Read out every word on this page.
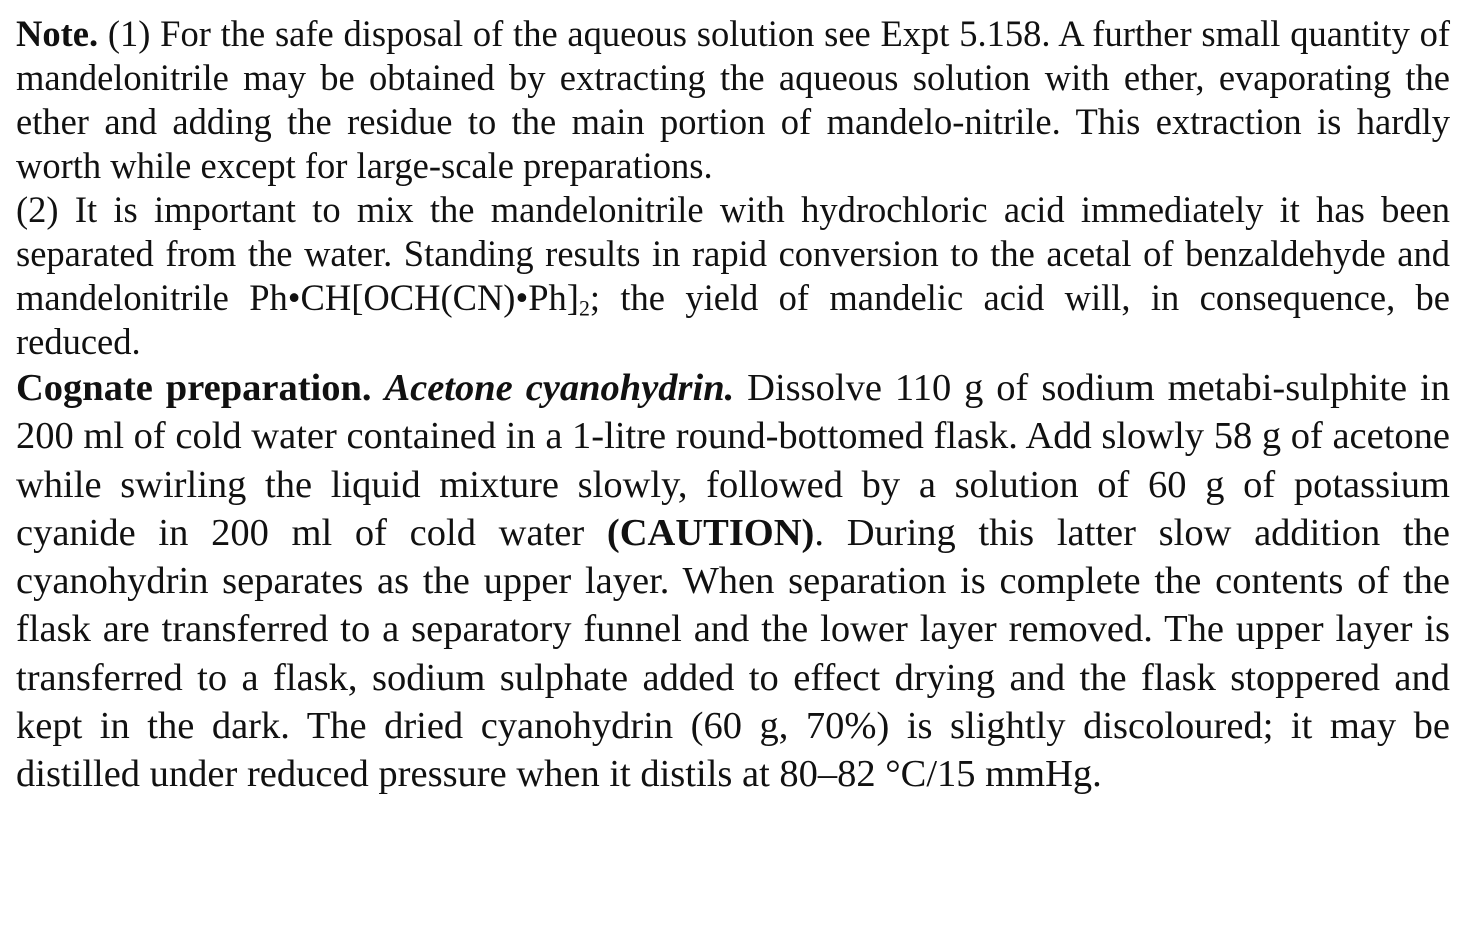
Note. (1) For the safe disposal of the aqueous solution see Expt 5.158. A further small quantity of mandelonitrile may be obtained by extracting the aqueous solution with ether, evaporating the ether and adding the residue to the main portion of mandelo-nitrile. This extraction is hardly worth while except for large-scale preparations.

(2) It is important to mix the mandelonitrile with hydrochloric acid immediately it has been separated from the water. Standing results in rapid conversion to the acetal of benzaldehyde and mandelonitrile $Ph•CH[OCH(CN)•Ph]_2$; the yield of mandelic acid will, in consequence, be reduced.

Cognate preparation. Acetone cyanohydrin. Dissolve 110 g of sodium metabi-sulphite in 200 ml of cold water contained in a 1-litre round-bottomed flask. Add slowly 58 g of acetone while swirling the liquid mixture slowly, followed by a solution of 60 g of potassium cyanide in 200 ml of cold water (CAUTION). During this latter slow addition the cyanohydrin separates as the upper layer. When separation is complete the contents of the flask are transferred to a separatory funnel and the lower layer removed. The upper layer is transferred to a flask, sodium sulphate added to effect drying and the flask stoppered and kept in the dark. The dried cyanohydrin (60 g, 70%) is slightly discoloured; it may be distilled under reduced pressure when it distils at 80–82 °C/15 mmHg.
